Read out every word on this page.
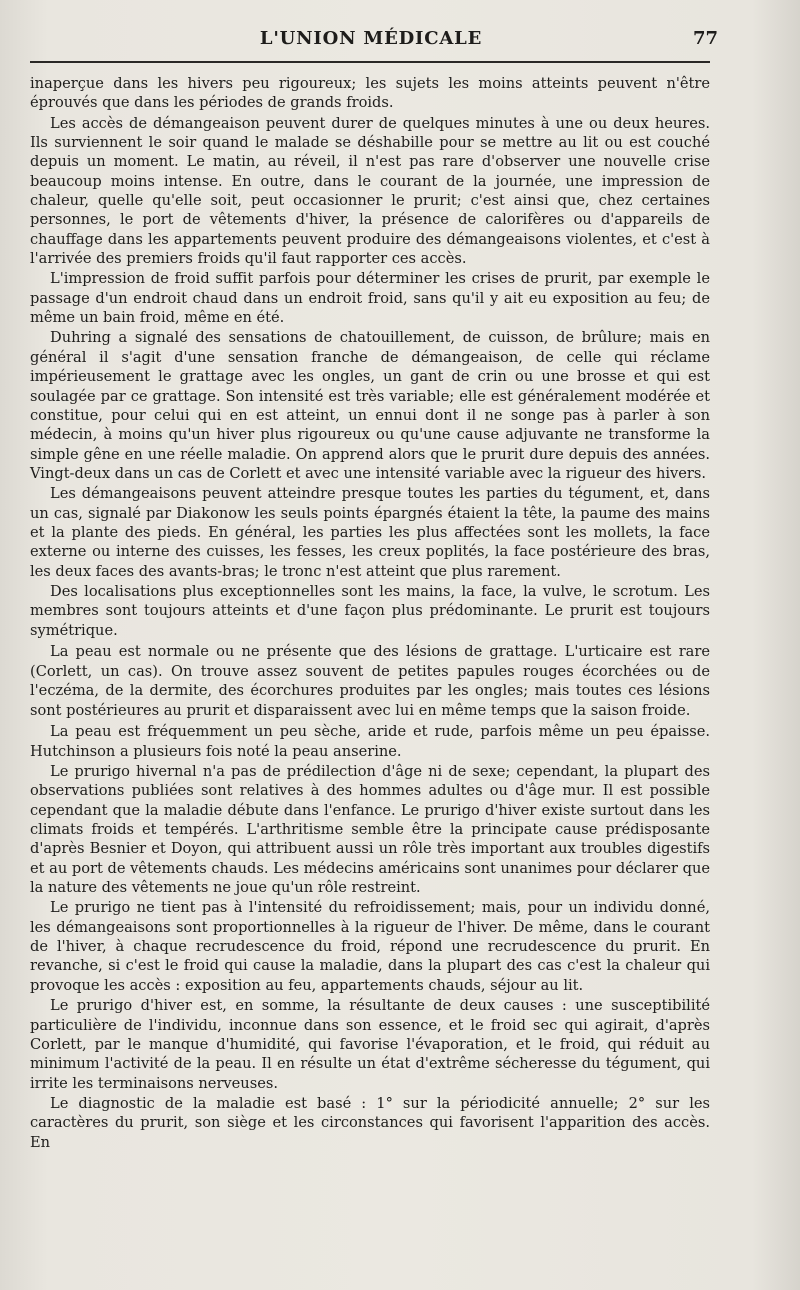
L'UNION MÉDICALE	77

inaperçue dans les hivers peu rigoureux; les sujets les moins atteints peuvent n'être éprouvés que dans les périodes de grands froids.

Les accès de démangeaison peuvent durer de quelques minutes à une ou deux heures. Ils surviennent le soir quand le malade se déshabille pour se mettre au lit ou est couché depuis un moment. Le matin, au réveil, il n'est pas rare d'observer une nouvelle crise beaucoup moins intense. En outre, dans le courant de la journée, une impression de chaleur, quelle qu'elle soit, peut occasionner le prurit; c'est ainsi que, chez certaines personnes, le port de vêtements d'hiver, la présence de calorifères ou d'appareils de chauffage dans les appartements peuvent produire des démangeaisons violentes, et c'est à l'arrivée des premiers froids qu'il faut rapporter ces accès.

L'impression de froid suffit parfois pour déterminer les crises de prurit, par exemple le passage d'un endroit chaud dans un endroit froid, sans qu'il y ait eu exposition au feu; de même un bain froid, même en été.

Duhring a signalé des sensations de chatouillement, de cuisson, de brûlure; mais en général il s'agit d'une sensation franche de démangeaison, de celle qui réclame impérieusement le grattage avec les ongles, un gant de crin ou une brosse et qui est soulagée par ce grattage. Son intensité est très variable; elle est généralement modérée et constitue, pour celui qui en est atteint, un ennui dont il ne songe pas à parler à son médecin, à moins qu'un hiver plus rigoureux ou qu'une cause adjuvante ne transforme la simple gêne en une réelle maladie. On apprend alors que le prurit dure depuis des années. Vingt-deux dans un cas de Corlett et avec une intensité variable avec la rigueur des hivers.

Les démangeaisons peuvent atteindre presque toutes les parties du tégument, et, dans un cas, signalé par Diakonow les seuls points épargnés étaient la tête, la paume des mains et la plante des pieds. En général, les parties les plus affectées sont les mollets, la face externe ou interne des cuisses, les fesses, les creux poplités, la face postérieure des bras, les deux faces des avants-bras; le tronc n'est atteint que plus rarement.

Des localisations plus exceptionnelles sont les mains, la face, la vulve, le scrotum. Les membres sont toujours atteints et d'une façon plus prédominante. Le prurit est toujours symétrique.

La peau est normale ou ne présente que des lésions de grattage. L'urticaire est rare (Corlett, un cas). On trouve assez souvent de petites papules rouges écorchées ou de l'eczéma, de la dermite, des écorchures produites par les ongles; mais toutes ces lésions sont postérieures au prurit et disparaissent avec lui en même temps que la saison froide.

La peau est fréquemment un peu sèche, aride et rude, parfois même un peu épaisse. Hutchinson a plusieurs fois noté la peau anserine.

Le prurigo hivernal n'a pas de prédilection d'âge ni de sexe; cependant, la plupart des observations publiées sont relatives à des hommes adultes ou d'âge mur. Il est possible cependant que la maladie débute dans l'enfance. Le prurigo d'hiver existe surtout dans les climats froids et tempérés. L'arthritisme semble être la principate cause prédisposante d'après Besnier et Doyon, qui attribuent aussi un rôle très important aux troubles digestifs et au port de vêtements chauds. Les médecins américains sont unanimes pour déclarer que la nature des vêtements ne joue qu'un rôle restreint.

Le prurigo ne tient pas à l'intensité du refroidissement; mais, pour un individu donné, les démangeaisons sont proportionnelles à la rigueur de l'hiver. De même, dans le courant de l'hiver, à chaque recrudescence du froid, répond une recrudescence du prurit. En revanche, si c'est le froid qui cause la maladie, dans la plupart des cas c'est la chaleur qui provoque les accès : exposition au feu, appartements chauds, séjour au lit.

Le prurigo d'hiver est, en somme, la résultante de deux causes : une susceptibilité particulière de l'individu, inconnue dans son essence, et le froid sec qui agirait, d'après Corlett, par le manque d'humidité, qui favorise l'évaporation, et le froid, qui réduit au minimum l'activité de la peau. Il en résulte un état d'extrême sécheresse du tégument, qui irrite les terminaisons nerveuses.

Le diagnostic de la maladie est basé : 1° sur la périodicité annuelle; 2° sur les caractères du prurit, son siège et les circonstances qui favorisent l'apparition des accès. En
